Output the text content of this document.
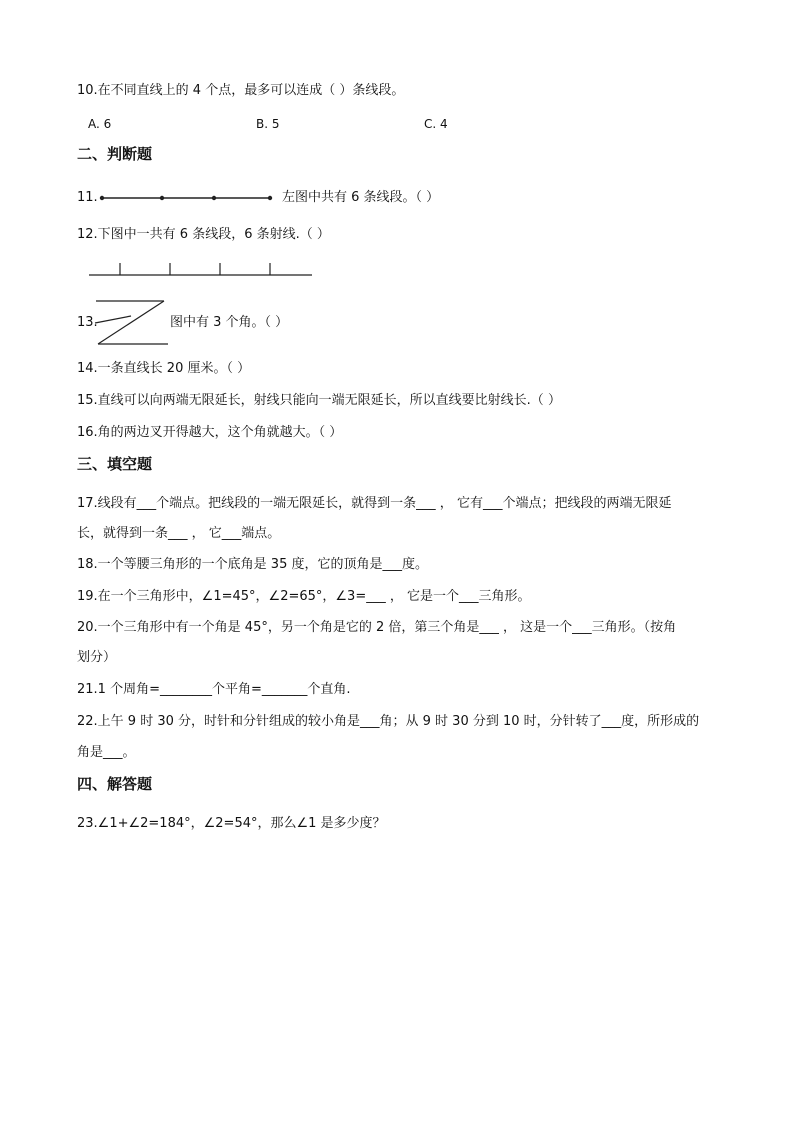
10.在不同直线上的 4 个点，最多可以连成（ ）条线段。
A. 6	B. 5	C. 4
二、判断题
11.	左图中共有 6 条线段。（ ）
12.下图中一共有 6 条线段，6 条射线.（ ）
13.	图中有 3 个角。（ ）
14.一条直线长 20 厘米。（ ）
15.直线可以向两端无限延长，射线只能向一端无限延长，所以直线要比射线长.（ ）
16.角的两边叉开得越大，这个角就越大。（ ）
三、填空题
17.线段有___个端点。把线段的一端无限延长，就得到一条___ ， 它有___个端点；把线段的两端无限延
长，就得到一条___ ， 它___端点。
18.一个等腰三角形的一个底角是 35 度，它的顶角是___度。
19.在一个三角形中，∠1=45°，∠2=65°，∠3=___ ， 它是一个___三角形。
20.一个三角形中有一个角是 45°，另一个角是它的 2 倍，第三个角是___ ， 这是一个___三角形。（按角
划分）
21.1 个周角=________个平角=_______个直角.
22.上午 9 时 30 分，时针和分针组成的较小角是___角；从 9 时 30 分到 10 时，分针转了___度，所形成的
角是___。
四、解答题
23.∠1+∠2=184°，∠2=54°，那么∠1 是多少度？
